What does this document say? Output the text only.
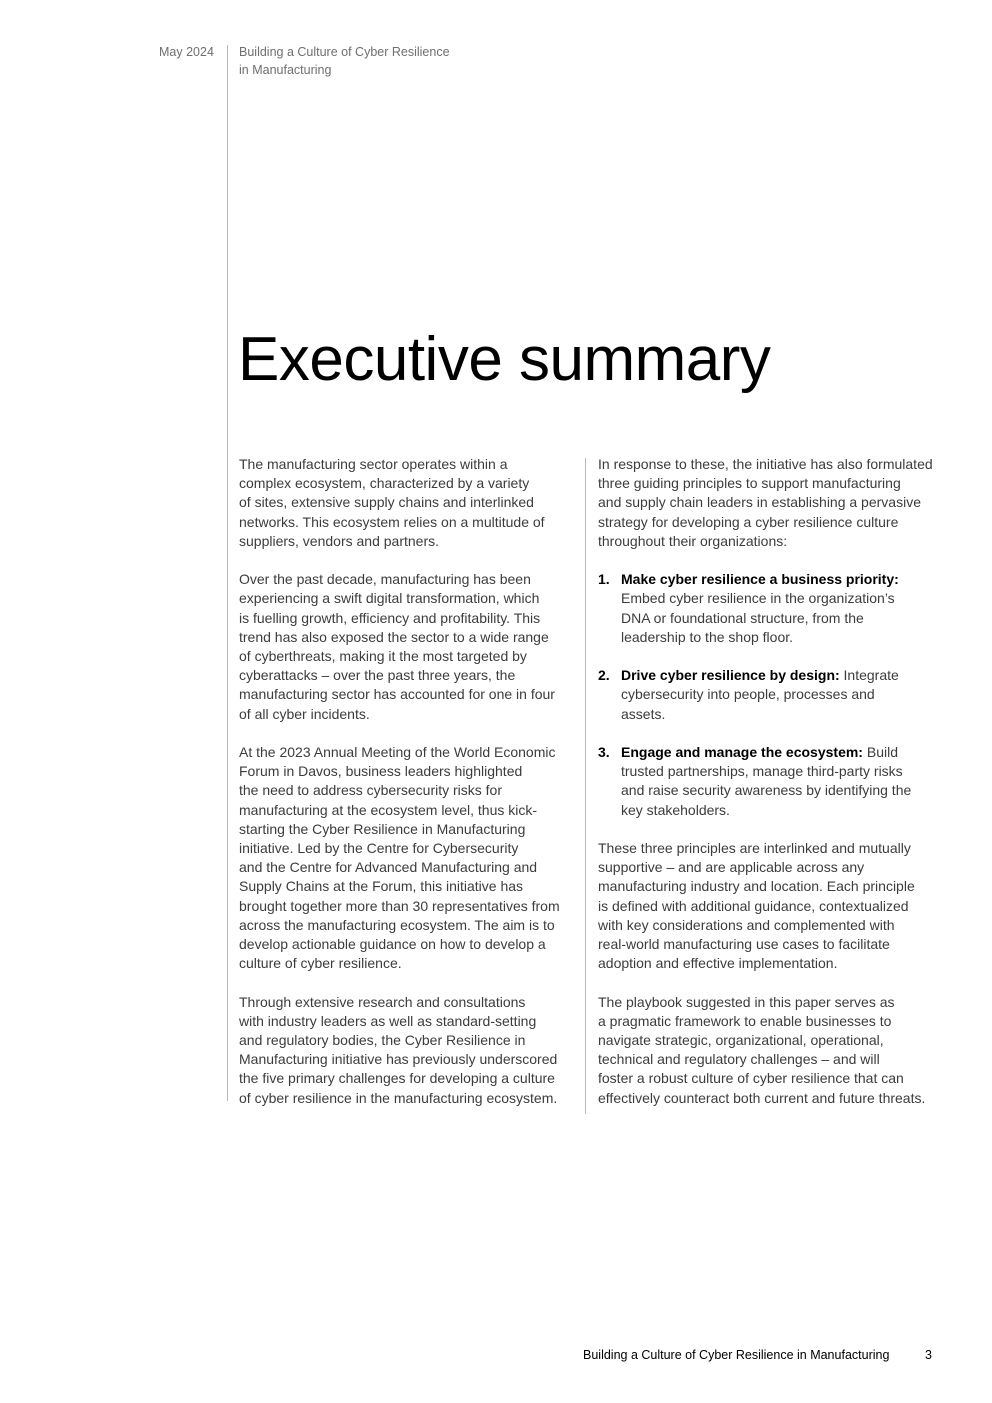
May 2024 Building a Culture of Cyber Resilience
in Manufacturing
Executive summary

The manufacturing sector operates within a
complex ecosystem, characterized by a variety
of sites, extensive supply chains and interlinked
networks. This ecosystem relies on a multitude of
suppliers, vendors and partners.

Over the past decade, manufacturing has been
experiencing a swift digital transformation, which
is fuelling growth, efficiency and profitability. This
trend has also exposed the sector to a wide range
of cyberthreats, making it the most targeted by
cyberattacks – over the past three years, the
manufacturing sector has accounted for one in four
of all cyber incidents.

At the 2023 Annual Meeting of the World Economic
Forum in Davos, business leaders highlighted
the need to address cybersecurity risks for
manufacturing at the ecosystem level, thus kick-
starting the Cyber Resilience in Manufacturing
initiative. Led by the Centre for Cybersecurity
and the Centre for Advanced Manufacturing and
Supply Chains at the Forum, this initiative has
brought together more than 30 representatives from
across the manufacturing ecosystem. The aim is to
develop actionable guidance on how to develop a
culture of cyber resilience.

Through extensive research and consultations
with industry leaders as well as standard-setting
and regulatory bodies, the Cyber Resilience in
Manufacturing initiative has previously underscored
the five primary challenges for developing a culture
of cyber resilience in the manufacturing ecosystem.

In response to these, the initiative has also formulated
three guiding principles to support manufacturing
and supply chain leaders in establishing a pervasive
strategy for developing a cyber resilience culture
throughout their organizations:

1. Make cyber resilience a business priority:
Embed cyber resilience in the organization’s
DNA or foundational structure, from the
leadership to the shop floor.
2. Drive cyber resilience by design: Integrate
cybersecurity into people, processes and
assets.
3. Engage and manage the ecosystem: Build
trusted partnerships, manage third-party risks
and raise security awareness by identifying the
key stakeholders.

These three principles are interlinked and mutually
supportive – and are applicable across any
manufacturing industry and location. Each principle
is defined with additional guidance, contextualized
with key considerations and complemented with
real-world manufacturing use cases to facilitate
adoption and effective implementation.

The playbook suggested in this paper serves as
a pragmatic framework to enable businesses to
navigate strategic, organizational, operational,
technical and regulatory challenges – and will
foster a robust culture of cyber resilience that can
effectively counteract both current and future threats.

Building a Culture of Cyber Resilience in Manufacturing	3
